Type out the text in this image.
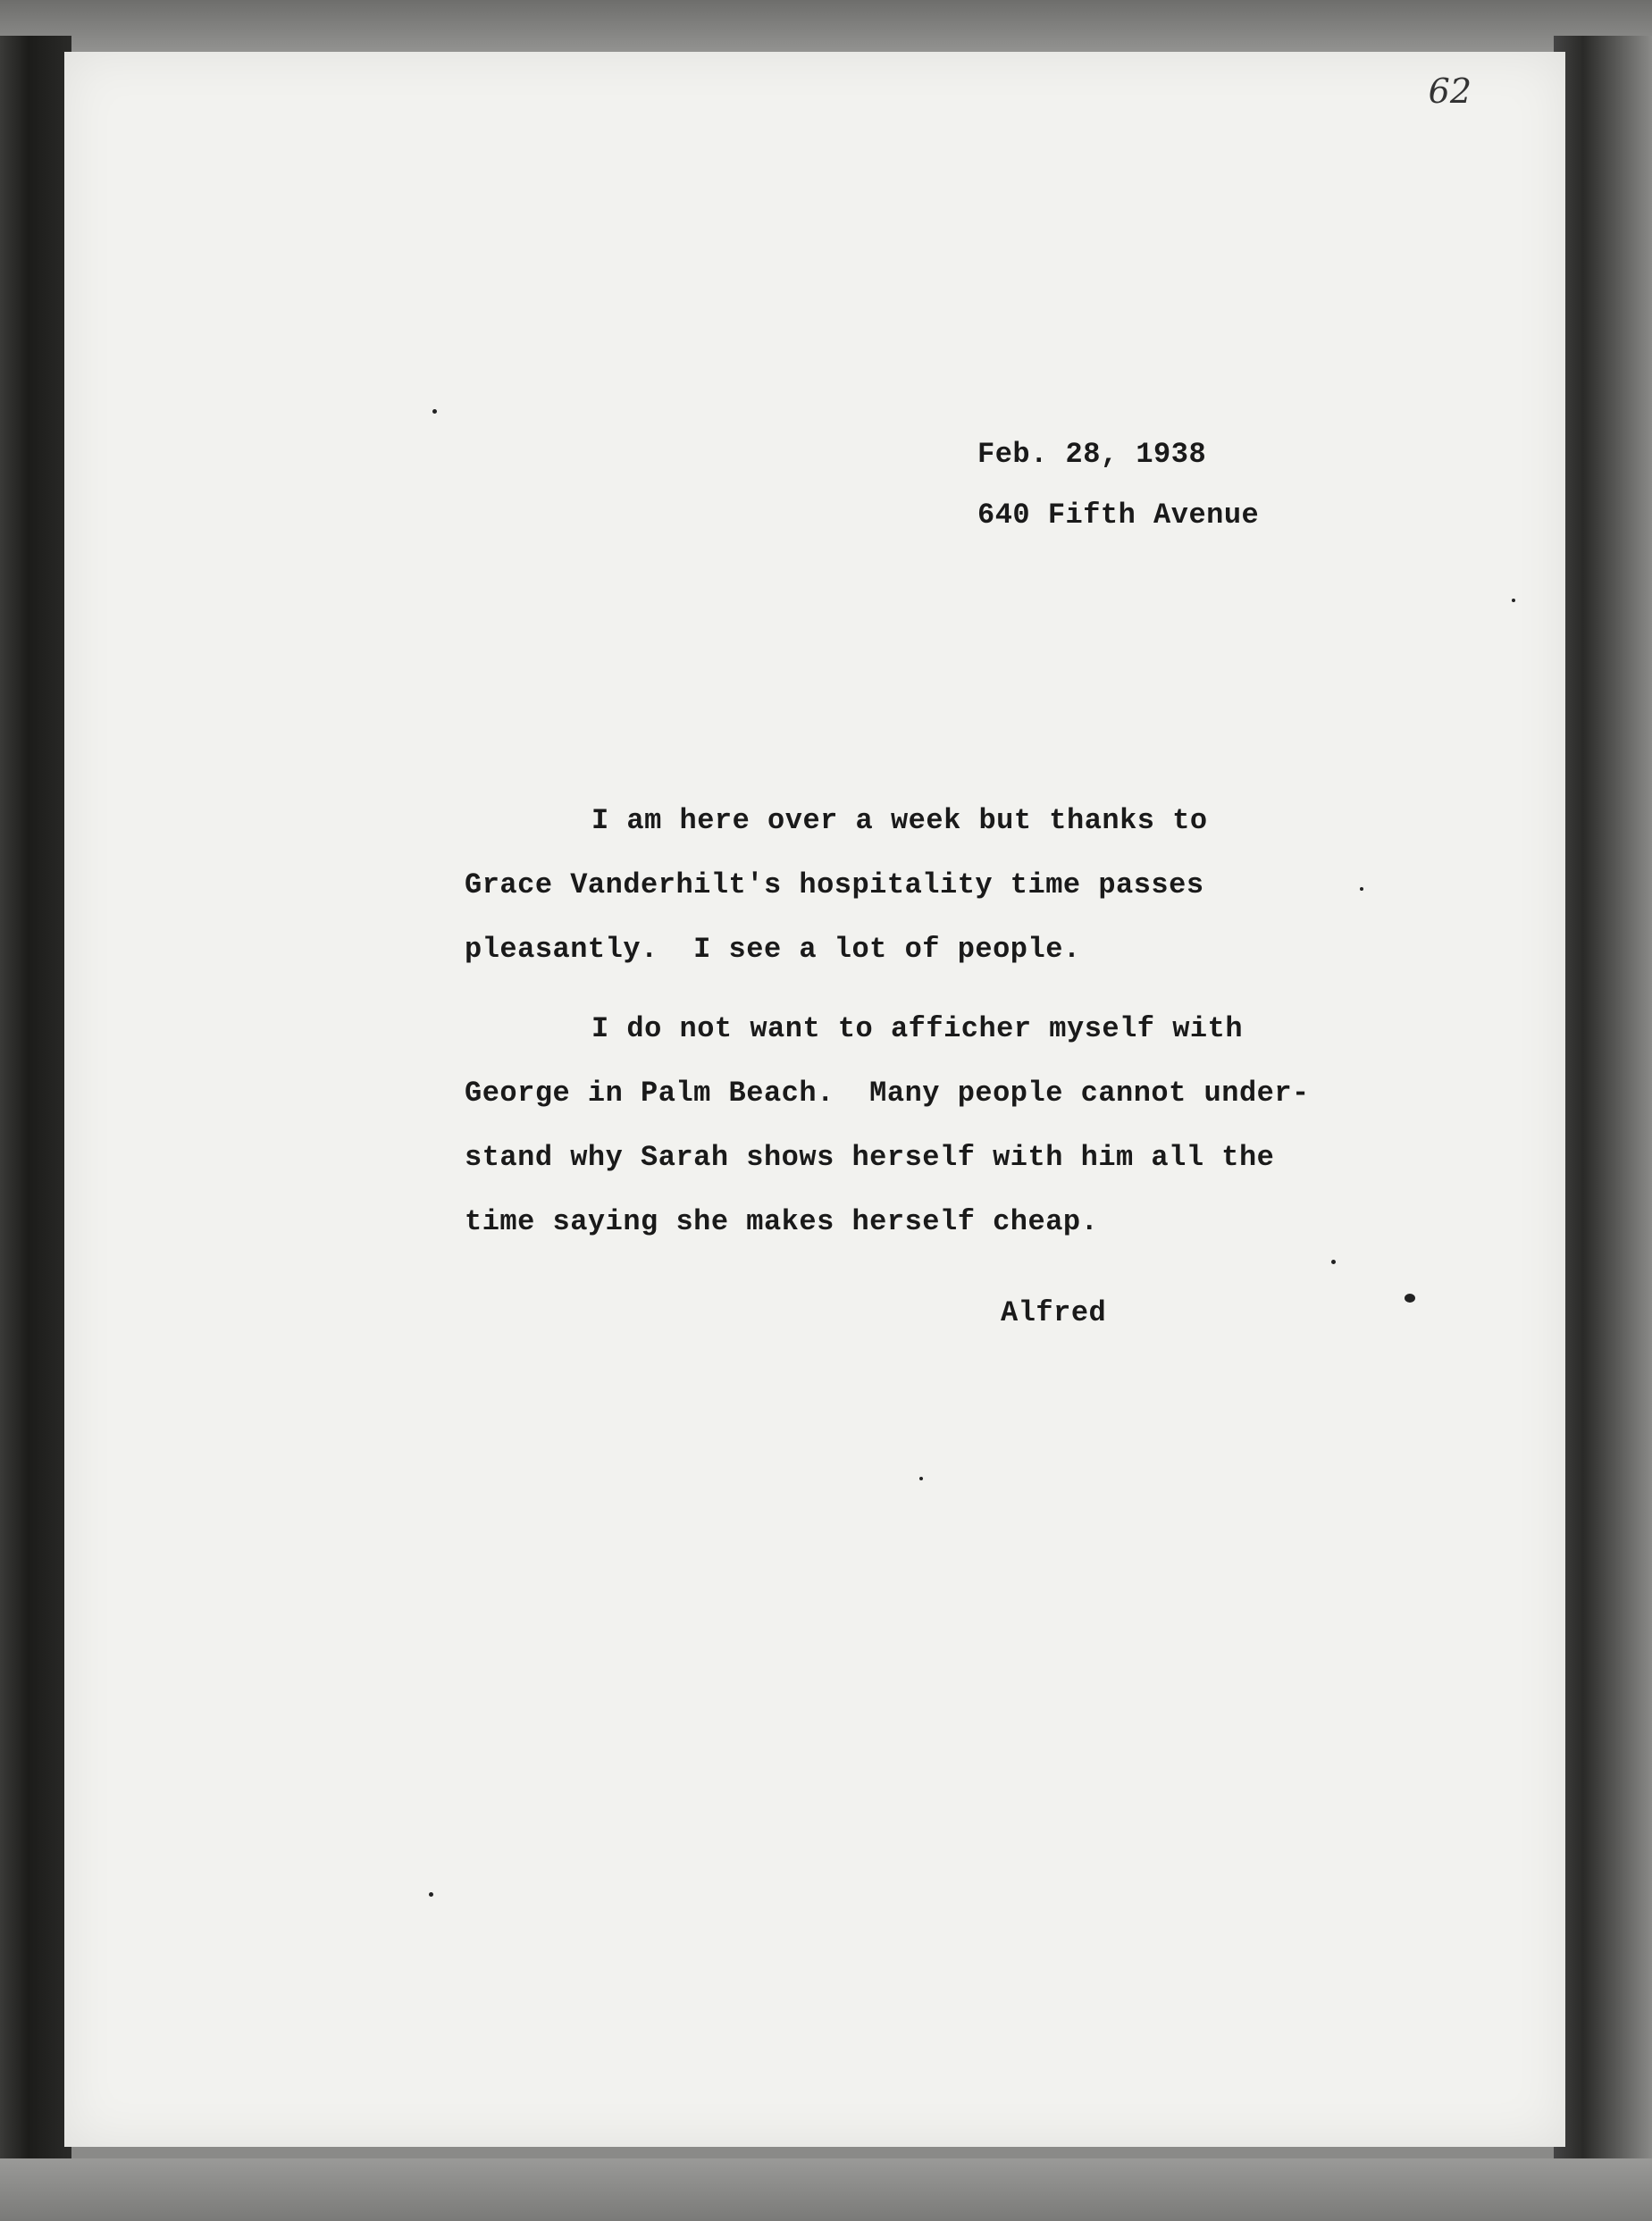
62
Feb. 28, 1938
640 Fifth Avenue
I am here over a week but thanks to
Grace Vanderhilt's hospitality time passes
pleasantly.  I see a lot of people.
I do not want to afficher myself with
George in Palm Beach.  Many people cannot under-
stand why Sarah shows herself with him all the
time saying she makes herself cheap.
Alfred
